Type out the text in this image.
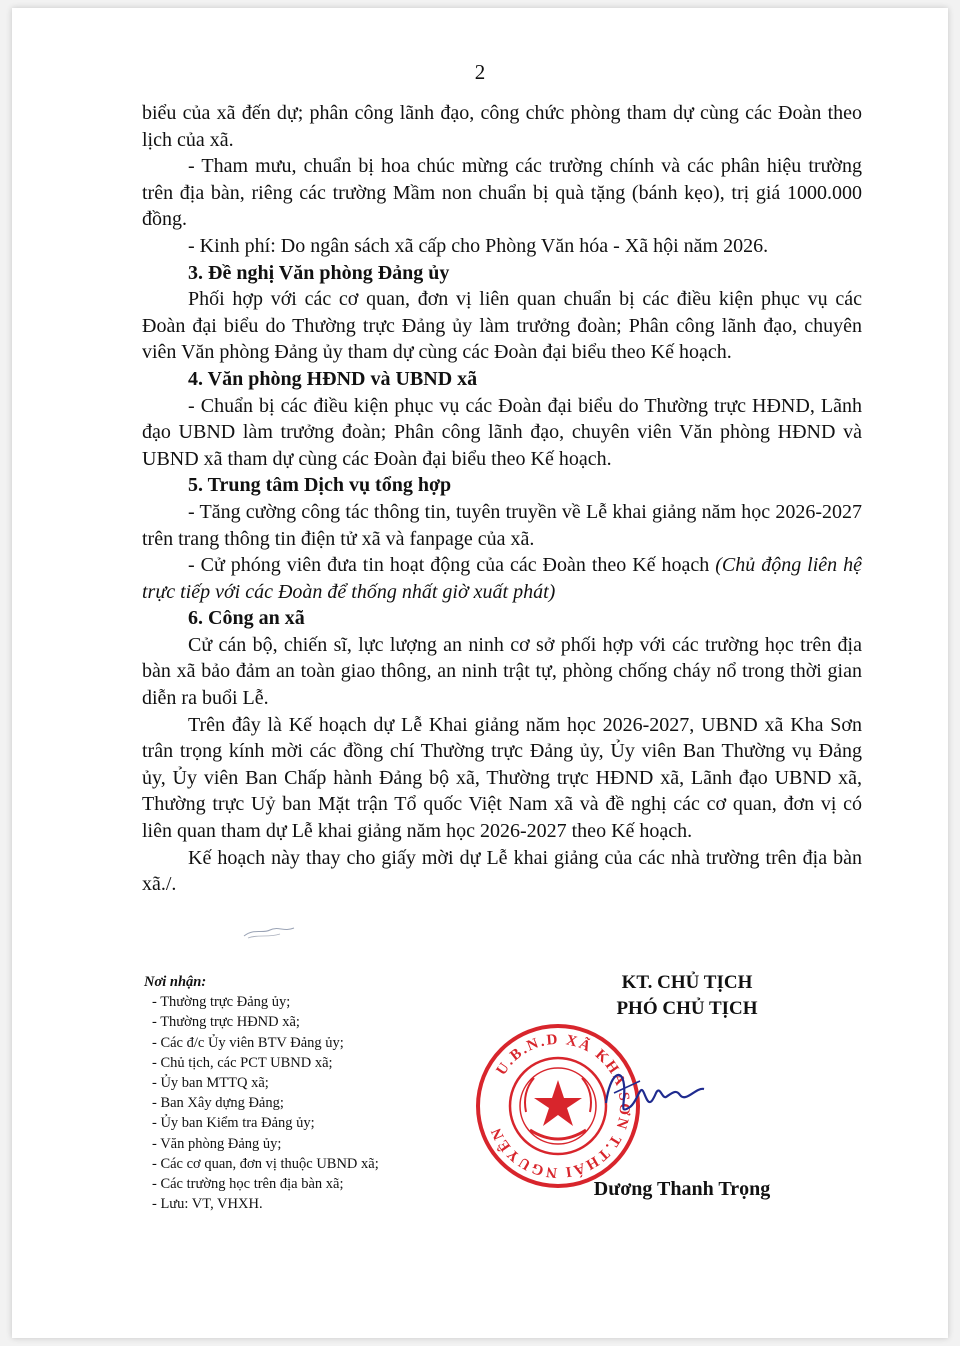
2

biểu của xã đến dự; phân công lãnh đạo, công chức phòng tham dự cùng các Đoàn theo lịch của xã.

- Tham mưu, chuẩn bị hoa chúc mừng các trường chính và các phân hiệu trường trên địa bàn, riêng các trường Mầm non chuẩn bị quà tặng (bánh kẹo), trị giá 1000.000 đồng.

- Kinh phí: Do ngân sách xã cấp cho Phòng Văn hóa - Xã hội năm 2026.

3. Đề nghị Văn phòng Đảng ủy

Phối hợp với các cơ quan, đơn vị liên quan chuẩn bị các điều kiện phục vụ các Đoàn đại biểu do Thường trực Đảng ủy làm trưởng đoàn; Phân công lãnh đạo, chuyên viên Văn phòng Đảng ủy tham dự cùng các Đoàn đại biểu theo Kế hoạch.

4. Văn phòng HĐND và UBND xã

- Chuẩn bị các điều kiện phục vụ các Đoàn đại biểu do Thường trực HĐND, Lãnh đạo UBND làm trưởng đoàn; Phân công lãnh đạo, chuyên viên Văn phòng HĐND và UBND xã tham dự cùng các Đoàn đại biểu theo Kế hoạch.

5. Trung tâm Dịch vụ tổng hợp

- Tăng cường công tác thông tin, tuyên truyền về Lễ khai giảng năm học 2026-2027 trên trang thông tin điện tử xã và fanpage của xã.

- Cử phóng viên đưa tin hoạt động của các Đoàn theo Kế hoạch (Chủ động liên hệ trực tiếp với các Đoàn để thống nhất giờ xuất phát)

6. Công an xã

Cử cán bộ, chiến sĩ, lực lượng an ninh cơ sở phối hợp với các trường học trên địa bàn xã bảo đảm an toàn giao thông, an ninh trật tự, phòng chống cháy nổ trong thời gian diễn ra buổi Lễ.

Trên đây là Kế hoạch dự Lễ Khai giảng năm học 2026-2027, UBND xã Kha Sơn trân trọng kính mời các đồng chí Thường trực Đảng ủy, Ủy viên Ban Thường vụ Đảng ủy, Ủy viên Ban Chấp hành Đảng bộ xã, Thường trực HĐND xã, Lãnh đạo UBND xã, Thường trực Uỷ ban Mặt trận Tổ quốc Việt Nam xã và đề nghị các cơ quan, đơn vị có liên quan tham dự Lễ khai giảng năm học 2026-2027 theo Kế hoạch.

Kế hoạch này thay cho giấy mời dự Lễ khai giảng của các nhà trường trên địa bàn xã./.

Nơi nhận:
- Thường trực Đảng ủy;
- Thường trực HĐND xã;
- Các đ/c Ủy viên BTV Đảng ủy;
- Chủ tịch, các PCT UBND xã;
- Ủy ban MTTQ xã;
- Ban Xây dựng Đảng;
- Ủy ban Kiểm tra Đảng ủy;
- Văn phòng Đảng ủy;
- Các cơ quan, đơn vị thuộc UBND xã;
- Các trường học trên địa bàn xã;
- Lưu: VT, VHXH.
KT. CHỦ TỊCH
PHÓ CHỦ TỊCH
U.B.N.D XÃ KHA SƠN T.THÁI NGUYÊN
Dương Thanh Trọng
